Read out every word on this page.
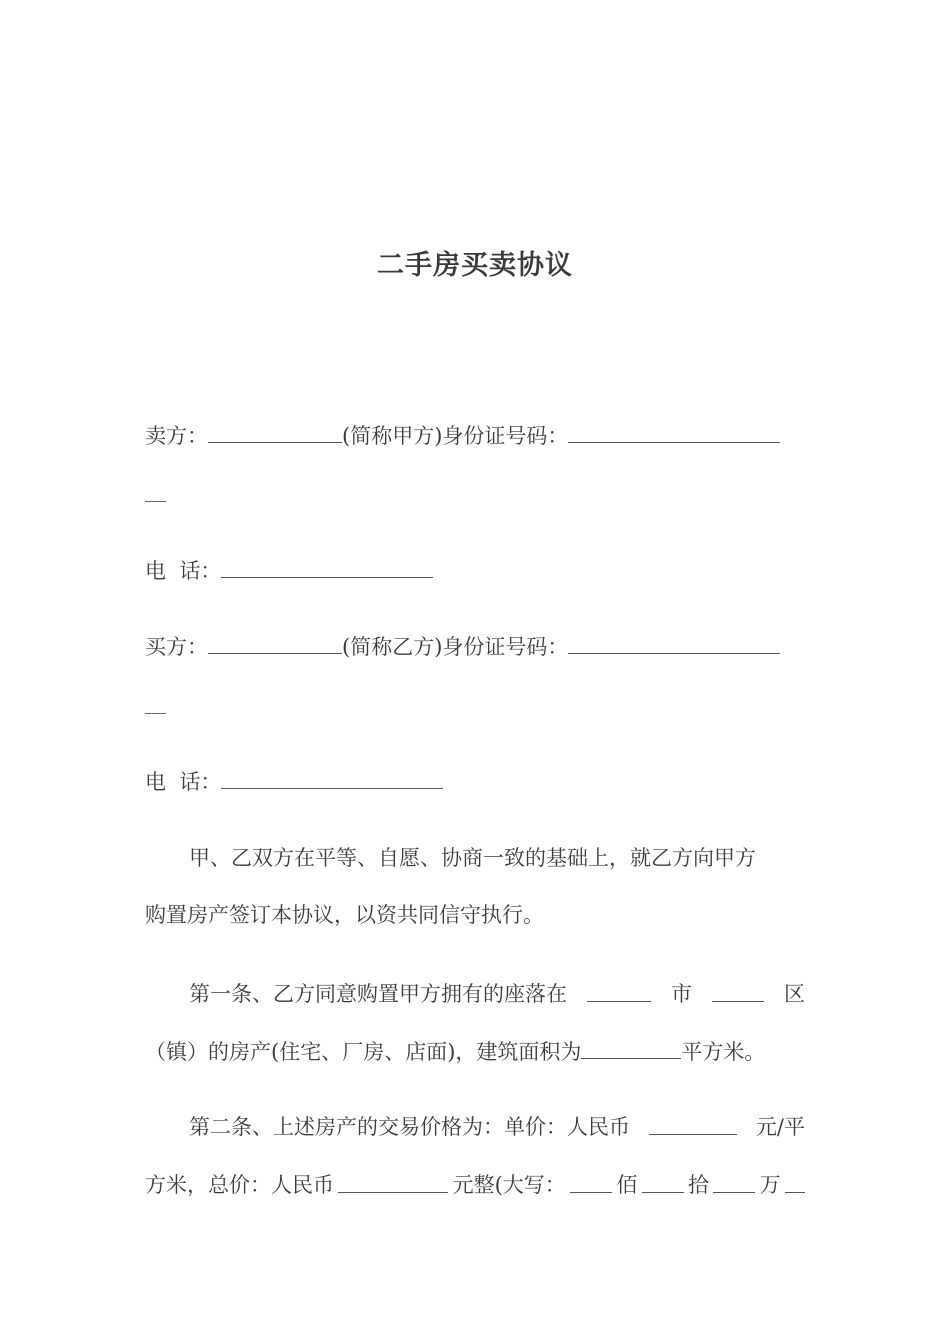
二手房买卖协议
卖方：	(简称甲方)身份证号码：
电  话：
买方：	(简称乙方)身份证号码：
电  话：
甲、乙双方在平等、自愿、协商一致的基础上，就乙方向甲方
购置房产签订本协议，以资共同信守执行。
第一条、乙方同意购置甲方拥有的座落在	市	区
（镇）的房产(住宅、厂房、店面)，建筑面积为	平方米。
第二条、上述房产的交易价格为：单价：人民币	元/平
方米，总价：人民币	元整(大写： 佰 拾 万
